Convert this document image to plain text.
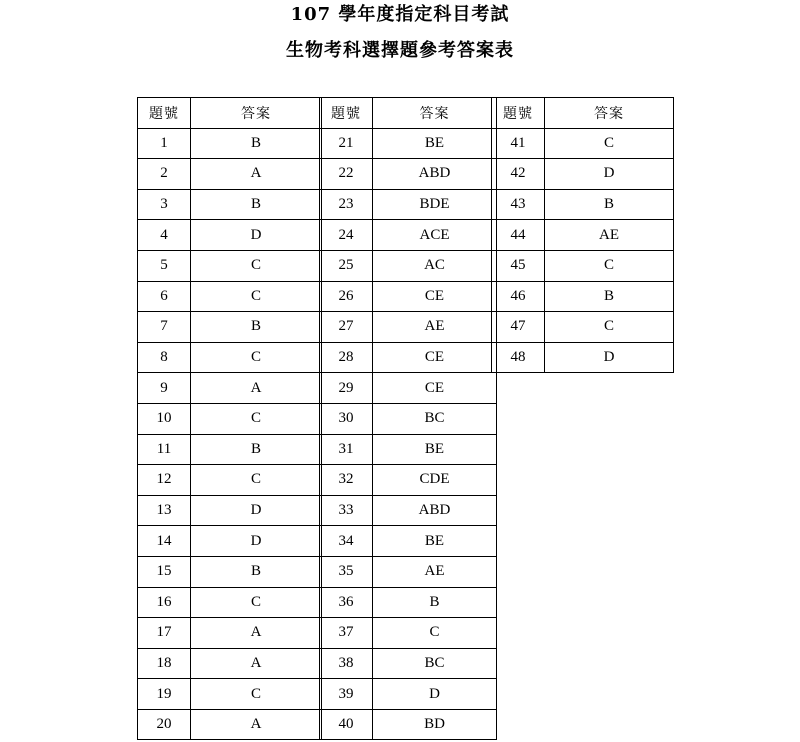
107 學年度指定科目考試
生物考科選擇題參考答案表
題號	答案
1	B
2	A
3	B
4	D
5	C
6	C
7	B
8	C
9	A
10	C
11	B
12	C
13	D
14	D
15	B
16	C
17	A
18	A
19	C
20	A
題號	答案
21	BE
22	ABD
23	BDE
24	ACE
25	AC
26	CE
27	AE
28	CE
29	CE
30	BC
31	BE
32	CDE
33	ABD
34	BE
35	AE
36	B
37	C
38	BC
39	D
40	BD
題號	答案
41	C
42	D
43	B
44	AE
45	C
46	B
47	C
48	D
